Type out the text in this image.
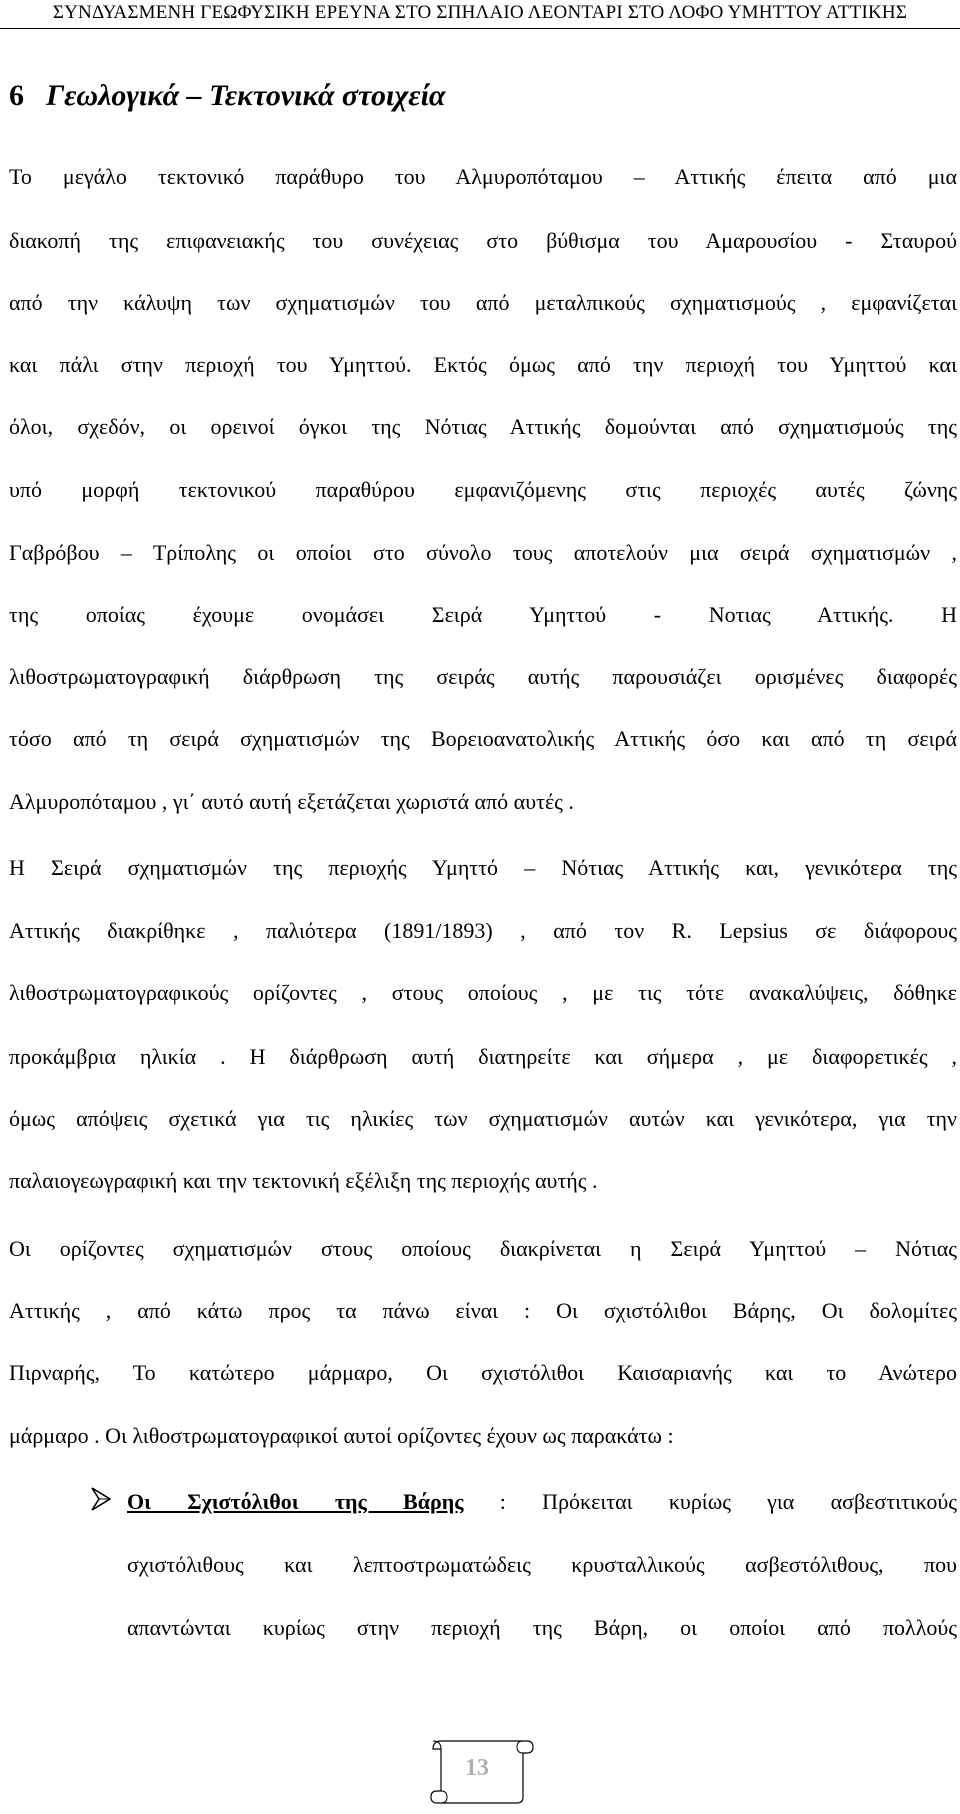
ΣΥΝΔΥΑΣΜΕΝΗ ΓΕΩΦΥΣΙΚΗ ΕΡΕΥΝΑ ΣΤΟ ΣΠΗΛΑΙΟ ΛΕΟΝΤΑΡΙ ΣΤΟ ΛΟΦΟ ΥΜΗΤΤΟΥ ΑΤΤΙΚΗΣ
6 Γεωλογικά – Τεκτονικά στοιχεία
Το μεγάλο τεκτονικό παράθυρο του Αλμυροπόταμου – Αττικής έπειτα από μια
διακοπή της επιφανειακής του συνέχειας στο βύθισμα του Αμαρουσίου - Σταυρού
από την κάλυψη των σχηματισμών του από μεταλπικούς σχηματισμούς , εμφανίζεται
και πάλι στην περιοχή του Υμηττού. Εκτός όμως από την περιοχή του Υμηττού και
όλοι, σχεδόν, οι ορεινοί όγκοι της Νότιας Αττικής δομούνται από σχηματισμούς της
υπό μορφή τεκτονικού παραθύρου εμφανιζόμενης στις περιοχές αυτές ζώνης
Γαβρόβου – Τρίπολης οι οποίοι στο σύνολο τους αποτελούν μια σειρά σχηματισμών ,
της οποίας έχουμε ονομάσει Σειρά Υμηττού - Νοτιας Αττικής. Η
λιθοστρωματογραφική διάρθρωση της σειράς αυτής παρουσιάζει ορισμένες διαφορές
τόσο από τη σειρά σχηματισμών της Βορειοανατολικής Αττικής όσο και από τη σειρά
Αλμυροπόταμου , γι΄ αυτό αυτή εξετάζεται χωριστά από αυτές .
Η Σειρά σχηματισμών της περιοχής Υμηττό – Νότιας Αττικής και, γενικότερα της
Αττικής διακρίθηκε , παλιότερα (1891/1893) , από τον R. Lepsius σε διάφορους
λιθοστρωματογραφικούς ορίζοντες , στους οποίους , με τις τότε ανακαλύψεις, δόθηκε
προκάμβρια ηλικία . Η διάρθρωση αυτή διατηρείτε και σήμερα , με διαφορετικές ,
όμως απόψεις σχετικά για τις ηλικίες των σχηματισμών αυτών και γενικότερα, για την
παλαιογεωγραφική και την τεκτονική εξέλιξη της περιοχής αυτής .
Οι ορίζοντες σχηματισμών στους οποίους διακρίνεται η Σειρά Υμηττού – Νότιας
Αττικής , από κάτω προς τα πάνω είναι : Οι σχιστόλιθοι Βάρης, Οι δολομίτες
Πιρναρής, Το κατώτερο μάρμαρο, Οι σχιστόλιθοι Καισαριανής και το Ανώτερο
μάρμαρο . Οι λιθοστρωματογραφικοί αυτοί ορίζοντες έχουν ως παρακάτω :
Οι Σχιστόλιθοι της Βάρης : Πρόκειται κυρίως για ασβεστιτικούς
σχιστόλιθους και λεπτοστρωματώδεις κρυσταλλικούς ασβεστόλιθους, που
απαντώνται κυρίως στην περιοχή της Βάρη, οι οποίοι από πολλούς
13
